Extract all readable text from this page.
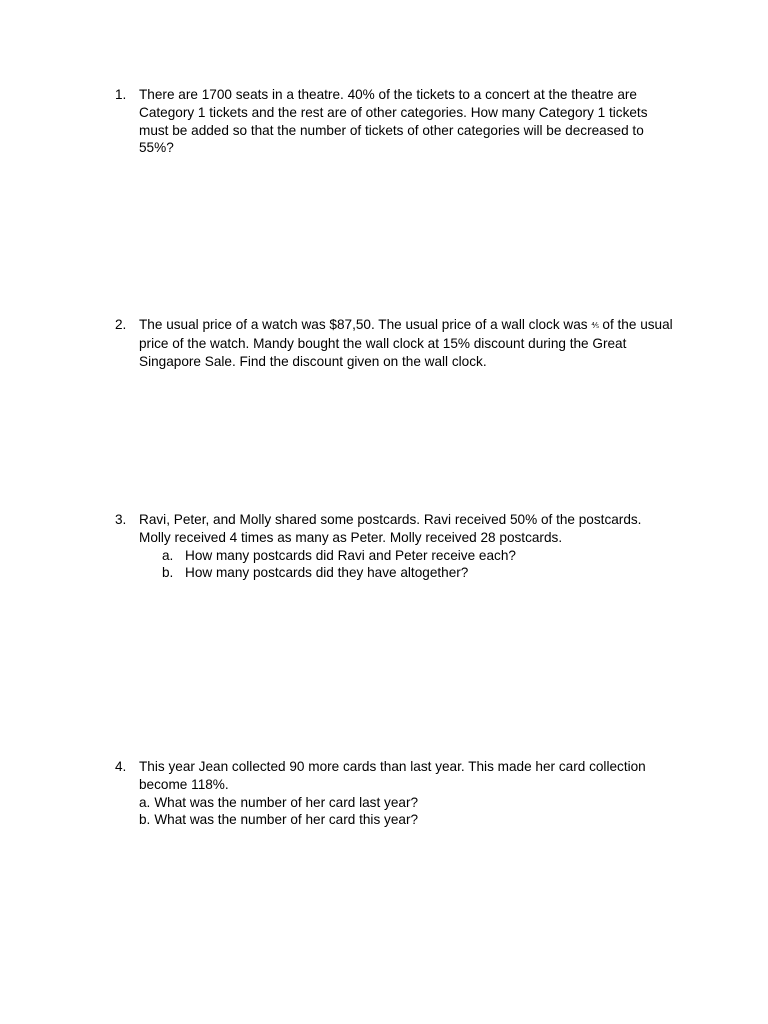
1. There are 1700 seats in a theatre. 40% of the tickets to a concert at the theatre are Category 1 tickets and the rest are of other categories. How many Category 1 tickets must be added so that the number of tickets of other categories will be decreased to 55%?

2. The usual price of a watch was $87,50. The usual price of a wall clock was ⅘ of the usual price of the watch. Mandy bought the wall clock at 15% discount during the Great Singapore Sale. Find the discount given on the wall clock.

3. Ravi, Peter, and Molly shared some postcards. Ravi received 50% of the postcards. Molly received 4 times as many as Peter. Molly received 28 postcards.

a. How many postcards did Ravi and Peter receive each?
b. How many postcards did they have altogether?
4. This year Jean collected 90 more cards than last year. This made her card collection become 118%.

a. What was the number of her card last year?
b. What was the number of her card this year?
